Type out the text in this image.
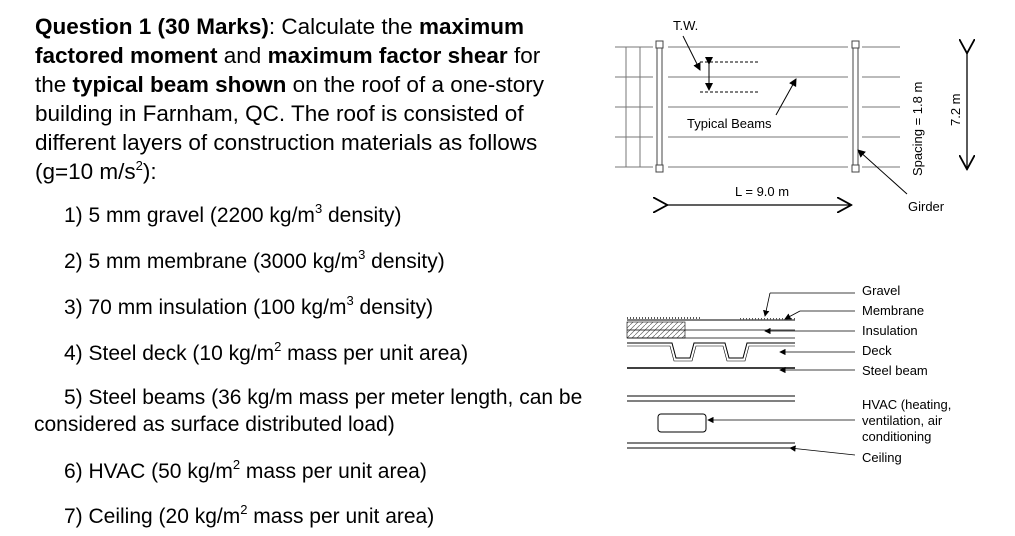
Question 1 (30 Marks): Calculate the maximum
factored moment and maximum factor shear for
the typical beam shown on the roof of a one-story
building in Farnham, QC. The roof is consisted of
different layers of construction materials as follows
(g=10 $m/s^2$):
1) 5 mm gravel (2200 $kg/m^3$ density)
2) 5 mm membrane (3000 $kg/m^3$ density)
3) 70 mm insulation (100 $kg/m^3$ density)
4) Steel deck (10 $kg/m^2$ mass per unit area)
5) Steel beams (36 kg/m mass per meter length, can be considered as surface distributed load)
6) HVAC (50 $kg/m^2$ mass per unit area)
7) Ceiling (20 $kg/m^2$ mass per unit area)
T.W.
Typical Beams
L = 9.0 m
Girder
Spacing = 1.8 m 7.2 m
Gravel
Membrane
Insulation
Deck
Steel beam
HVAC (heating,
ventilation, air
conditioning
Ceiling
